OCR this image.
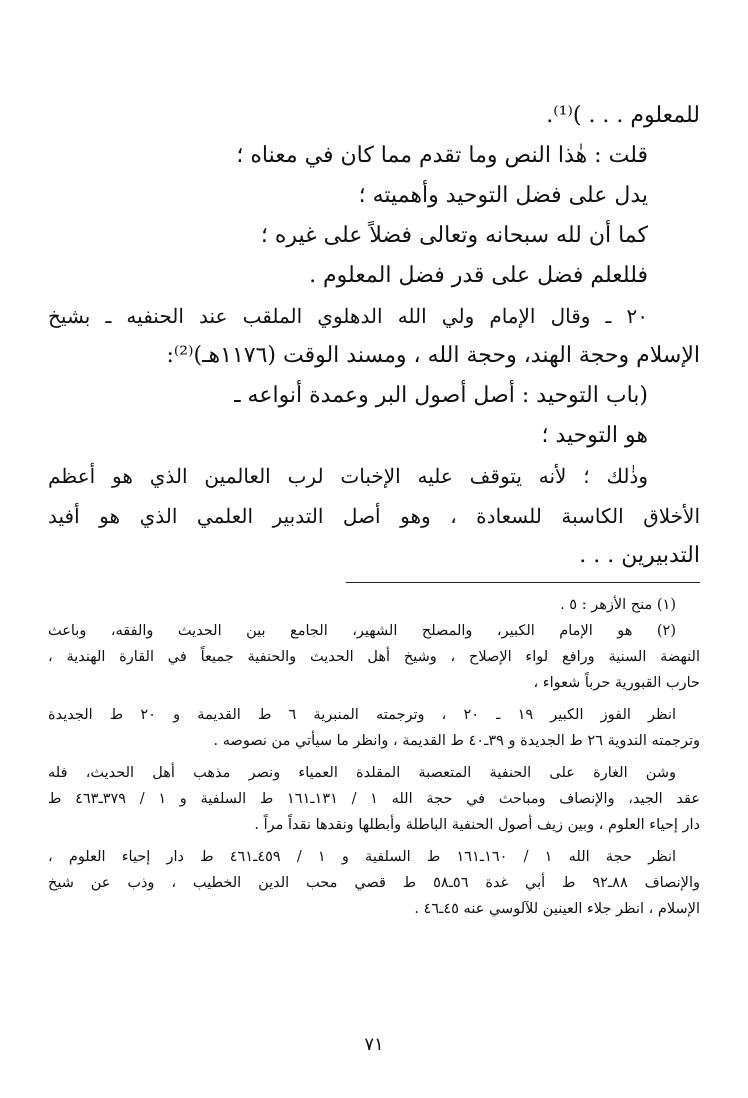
للمعلوم . . . )⁽¹⁾.
قلت : هٰذا النص وما تقدم مما كان في معناه ؛
يدل على فضل التوحيد وأهميته ؛
كما أن لله سبحانه وتعالى فضلاً على غيره ؛
فللعلم فضل على قدر فضل المعلوم .
٢٠ ـ وقال الإمام ولي الله الدهلوي الملقب عند الحنفيه ـ بشيخ
الإسلام وحجة الهند، وحجة الله ، ومسند الوقت (١١٧٦هـ)⁽²⁾:
(باب التوحيد : أصل أصول البر وعمدة أنواعه ـ
هو التوحيد ؛
وذٰلك ؛ لأنه يتوقف عليه الإخبات لرب العالمين الذي هو أعظم
الأخلاق الكاسبة للسعادة ، وهو أصل التدبير العلمي الذي هو أفيد
التدبيرين . . .
(١) منح الأزهر : ٥ .
(٢) هو الإمام الكبير، والمصلح الشهير، الجامع بين الحديث والفقه، وباعث
النهضة السنية ورافع لواء الإصلاح ، وشيخ أهل الحديث والحنفية جميعاً في القارة الهندية ،
حارب القبورية حرباً شعواء ،
انظر الفوز الكبير ١٩ ـ ٢٠ ، وترجمته المنبرية ٦ ط القديمة و ٢٠ ط الجديدة
وترجمته الندوية ٢٦ ط الجديدة و ٣٩ـ٤٠ ط القديمة ، وانظر ما سيأتي من نصوصه .
وشن الغارة على الحنفية المتعصبة المقلدة العمياء ونصر مذهب أهل الحديث، فله
عقد الجيد، والإنصاف ومباحث في حجة الله ١ / ١٣١ـ١٦١ ط السلفية و ١ / ٣٧٩ـ٤٦٣ ط
دار إحياء العلوم ، وبين زيف أصول الحنفية الباطلة وأبطلها ونقدها نقداً مراً .
انظر حجة الله ١ / ١٦٠ـ١٦١ ط السلفية و ١ / ٤٥٩ـ٤٦١ ط دار إحياء العلوم ،
والإنصاف ٨٨ـ٩٢ ط أبي غدة ٥٦ـ٥٨ ط قصي محب الدين الخطيب ، وذب عن شيخ
الإسلام ، انظر جلاء العينين للآلوسي عنه ٤٥ـ٤٦ .
٧١
